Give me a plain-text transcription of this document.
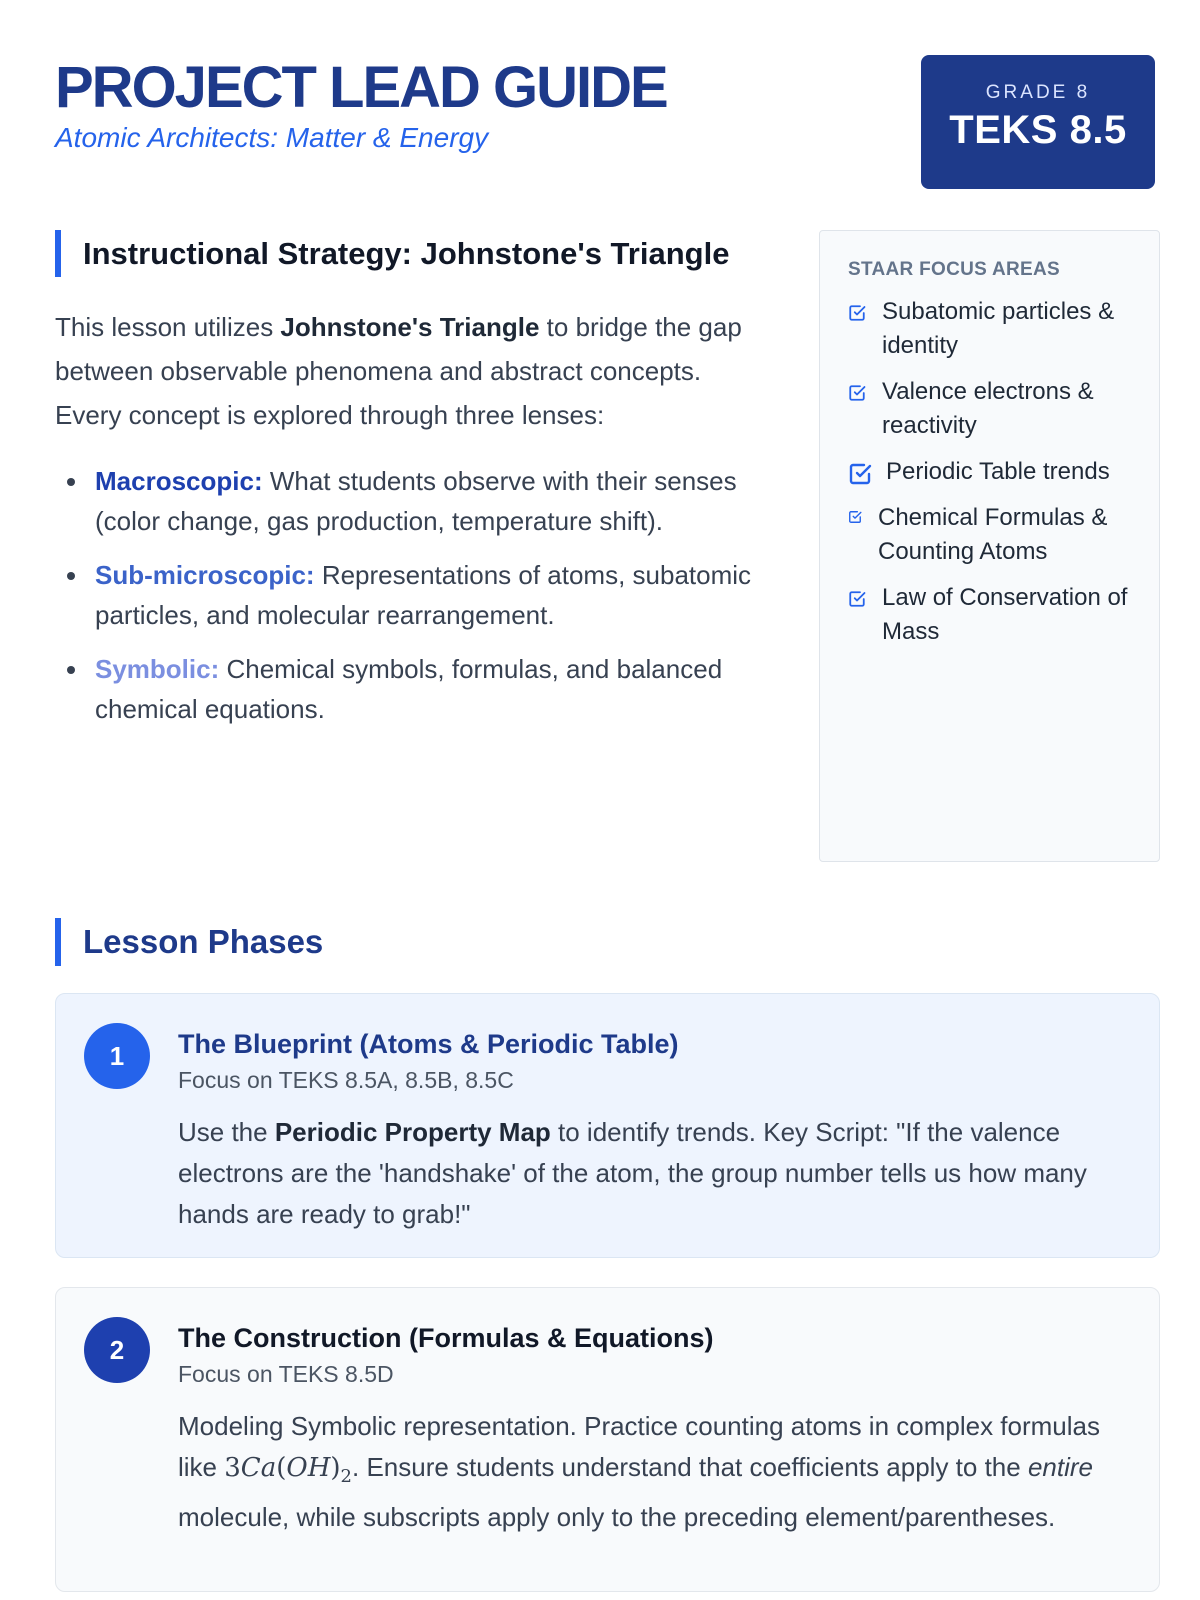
PROJECT LEAD GUIDE
Atomic Architects: Matter & Energy
GRADE 8
TEKS 8.5
Instructional Strategy: Johnstone's Triangle

This lesson utilizes Johnstone's Triangle to bridge the gap between observable phenomena and abstract concepts. Every concept is explored through three lenses:

Macroscopic: What students observe with their senses (color change, gas production, temperature shift).
Sub-microscopic: Representations of atoms, subatomic particles, and molecular rearrangement.
Symbolic: Chemical symbols, formulas, and balanced chemical equations.
STAAR FOCUS AREAS
Subatomic particles & identity
Valence electrons & reactivity
Periodic Table trends
Chemical Formulas & Counting Atoms
Law of Conservation of Mass
Lesson Phases
1	The Blueprint (Atoms & Periodic Table)
Focus on TEKS 8.5A, 8.5B, 8.5C

Use the Periodic Property Map to identify trends. Key Script: "If the valence electrons are the 'handshake' of the atom, the group number tells us how many hands are ready to grab!"

2	The Construction (Formulas & Equations)
Focus on TEKS 8.5D

Modeling Symbolic representation. Practice counting atoms in complex formulas like $3Ca(OH)_2$. Ensure students understand that coefficients apply to the entire molecule, while subscripts apply only to the preceding element/parentheses.
